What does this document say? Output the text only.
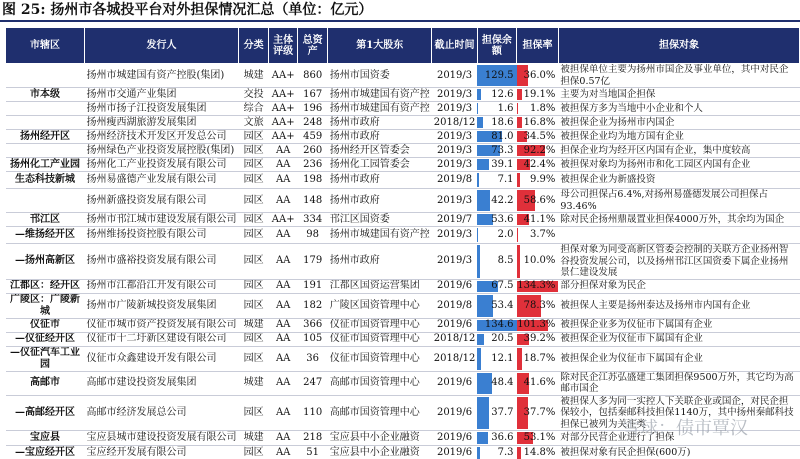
图 25: 扬州市各城投平台对外担保情况汇总（单位：亿元）
市辖区	发行人	分类	主体评级	总资产	第1大股东	截止时间	担保余额	担保率	担保对象
	扬州市城建国有资产控股(集团)	城建	AA+	860	扬州市国资委	2019/3	129.5	36.0%	被担保单位主要为扬州市国企及事业单位，其中对民企担保0.57亿
市本级	扬州市交通产业集团	交投	AA+	167	扬州市城建国有资产控	2019/3	12.6	19.1%	主要为对当地国企担保
	扬州市扬子江投资发展集团	综合	AA+	196	扬州市城建国有资产控	2019/3	1.6	1.8%	被担保方多为当地中小企业和个人
	扬州瘦西湖旅游发展集团	文旅	AA+	248	扬州市政府	2018/12	18.6	16.8%	被担保企业为扬州市内国企
扬州经开区	扬州经济技术开发区开发总公司	园区	AA+	459	扬州市政府	2019/3	81.0	34.5%	被担保企业均为地方国有企业
	扬州绿色产业投资发展控股(集团)	园区	AA	260	扬州经开区管委会	2019/3	73.3	92.2%	担保企业均为经开区内国有企业，集中度较高
扬州化工产业园	扬州化工产业投资发展有限公司	园区	AA	236	扬州化工园管委会	2019/3	39.1	42.4%	被担保对象均为扬州市和化工园区内国有企业
生态科技新城	扬州易盛德产业发展有限公司	园区	AA	198	扬州市政府	2019/8	7.1	9.9%	被担保企业为新盛投资
	扬州新盛投资发展有限公司	园区	AA	148	扬州市政府	2019/3	42.2	58.6%	母公司担保占6.4%,对扬州易盛德发展公司担保占93.46%
邗江区	扬州市邗江城市建设发展有限公司	园区	AA+	334	邗江区国资委	2019/7	53.6	41.1%	除对民企扬州鼎晟置业担保4000万外，其余均为国企
—维扬经开区	扬州维扬投资控股有限公司	园区	AA	98	扬州市城建国有资产控	2019/3	2.0	3.7%	

—扬州高新区	扬州市盛裕投资发展有限公司	园区	AA	179	扬州市政府	2019/3	8.5	10.0%	担保对象为同受高新区管委会控制的关联方企业扬州智谷投资发展公司，以及扬州邗江区国资委下属企业扬州景仁建设发展
江都区：经开区	扬州市江都沿江开发有限公司	园区	AA	191	江都区国资运营集团	2019/6	67.5	134.3%	部分担保对象为民企
广陵区：广陵新城	扬州市广陵新城投资发展集团	园区	AA	182	广陵区国资管理中心	2019/8	53.4	78.3%	被担保人主要是扬州泰达及扬州市内国有企业
仪征市	仪征市城市资产投资发展有限公司	城建	AA	366	仪征市国资管理中心	2019/6	134.6	101.3%	被担保企业多为仪征市下属国有企业
—仪征经开区	仪征市十二圩新区建设有限公司	园区	AA	105	仪征市国资管理中心	2018/12	20.5	39.2%	被担保企业为仪征市下属国有企业
—仪征汽车工业园	仪征市众鑫建设开发有限公司	园区	AA	36	仪征市国资管理中心	2018/12	12.1	18.7%	被担保企业为仪征市下属国有企业
高邮市	高邮市建设投资发展集团	城建	AA	247	高邮市国资管理中心	2019/6	48.4	41.6%	除对民企江苏弘盛建工集团担保9500万外，其它均为高邮市国企
—高邮经开区	高邮市经济发展总公司	园区	AA	110	高邮市国资管理中心	2019/6	37.7	37.7%	被担保人多为同一实控人下关联企业或国企，对民企担保较小，包括秦邮科技担保1140万，其中扬州秦邮科技担保已被列为关注类
宝应县	宝应县城市建设投资发展有限公司	城建	AA	218	宝应县中小企业融资	2019/6	36.6	53.1%	对部分民营企业进行了担保
—宝应经开区	宝应经开发展有限公司	园区	AA	51	宝应县中小企业融资	2019/6	7.3	14.8%	被担保对象有民企担保(600万)
雪球：债市覃汉
